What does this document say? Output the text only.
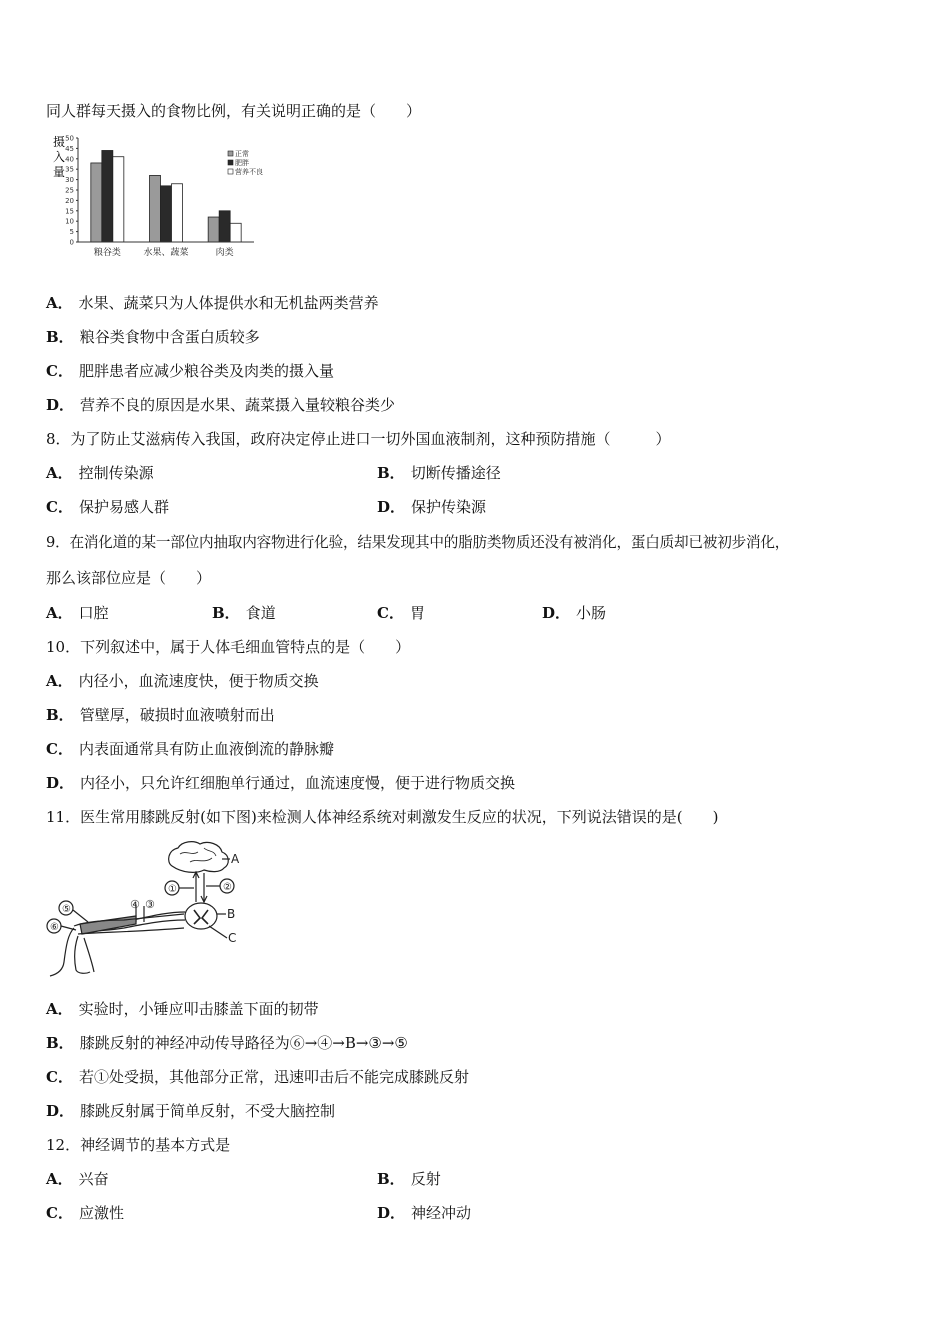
同人群每天摄入的食物比例，有关说明正确的是（　　）
摄
入
量
0
5
10
15
20
25
30
35
40
45
50
粮谷类	水果、蔬菜	肉类
正常
肥胖
营养不良
A． 水果、蔬菜只为人体提供水和无机盐两类营养
B． 粮谷类食物中含蛋白质较多
C． 肥胖患者应减少粮谷类及肉类的摄入量
D． 营养不良的原因是水果、蔬菜摄入量较粮谷类少
8．为了防止艾滋病传入我国，政府决定停止进口一切外国血液制剂，这种预防措施（　　　）
A． 控制传染源	B． 切断传播途径
C． 保护易感人群	D． 保护传染源
9．在消化道的某一部位内抽取内容物进行化验，结果发现其中的脂肪类物质还没有被消化，蛋白质却已被初步消化，
那么该部位应是（　　）
A． 口腔	B． 食道	C． 胃	D． 小肠
10．下列叙述中，属于人体毛细血管特点的是（　　）
A． 内径小，血流速度快，便于物质交换
B． 管壁厚，破损时血液喷射而出
C． 内表面通常具有防止血液倒流的静脉瓣
D． 内径小，只允许红细胞单行通过，血流速度慢，便于进行物质交换
11．医生常用膝跳反射(如下图)来检测人体神经系统对刺激发生反应的状况，下列说法错误的是(　　)
A
①	②
B
C
④ ③
⑤
⑥
A． 实验时，小锤应叩击膝盖下面的韧带
B． 膝跳反射的神经冲动传导路径为⑥→④→B→③→⑤
C． 若①处受损，其他部分正常，迅速叩击后不能完成膝跳反射
D． 膝跳反射属于简单反射，不受大脑控制
12．神经调节的基本方式是
A． 兴奋	B． 反射
C． 应激性	D． 神经冲动
